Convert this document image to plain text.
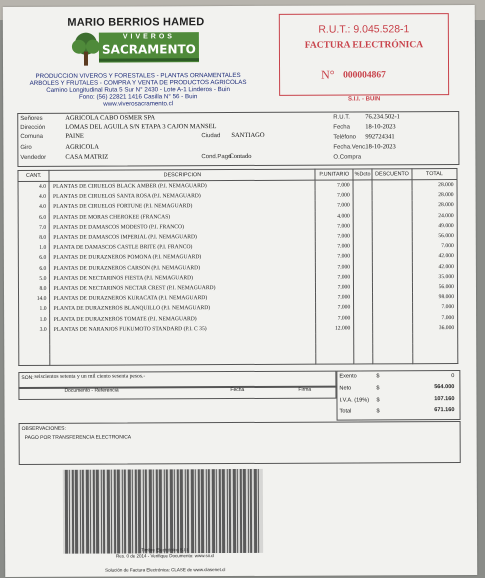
MARIO BERRIOS HAMED
VIVEROS
SACRAMENTO
PRODUCCION VIVEROS Y FORESTALES - PLANTAS ORNAMENTALES
ARBOLES Y FRUTALES - COMPRA Y VENTA DE PRODUCTOS AGRICOLAS
Camino Longitudinal Ruta 5 Sur N° 2430 - Lote A-1 Linderos - Buin
Fono: (56) 22821 1416 Casilla N° 56 - Buin
www.viverosacramento.cl
R.U.T.: 9.045.528-1
FACTURA ELECTRÓNICA
N° 000004867
S.I.I. - BUIN
Señores	AGRICOLA CABO OSMER SPA
Dirección	LOMAS DEL AGUILA S/N ETAPA 3 CAJON MANSEL
Comuna	PAINE	Ciudad SANTIAGO
Giro	AGRICOLA
Vendedor	CASA MATRIZ	Cond.Pago
Contado
R.U.T. 76.234.502-1
Fecha 18-10-2023
Teléfono 992724341
Fecha.Venc.
18-10-2023
O.Compra
CANT.	DESCRIPCION	P.UNITARIO	%Dcto	DESCUENTO	TOTAL
4.0	PLANTAS DE CIRUELOS BLACK AMBER (P.I. NEMAGUARD)	7.000			28.000
4.0	PLANTAS DE CIRUELOS SANTA ROSA (P.I. NEMAGUARD)	7.000			28.000
4.0	PLANTAS DE CIRUELOS FORTUNE (P.I. NEMAGUARD)	7.000			28.000
6.0	PLANTAS DE MORAS CHEROKEE (FRANCAS)	4.000			24.000
7.0	PLANTAS DE DAMASCOS MODESTO (P.I. FRANCO)	7.000			49.000
8.0	PLANTAS DE DAMASCOS IMPERIAL (P.I. NEMAGUARD)	7.000			56.000
1.0	PLANTA DE DAMASCOS CASTLE BRITE (P.I. FRANCO)	7.000			7.000
6.0	PLANTAS DE DURAZNEROS POMONA (P.I. NEMAGUARD)	7.000			42.000
6.0	PLANTAS DE DURAZNEROS CARSON (P.I. NEMAGUARD)	7.000			42.000
5.0	PLANTAS DE NECTARINOS FIESTA (P.I. NEMAGUARD)	7.000			35.000
8.0	PLANTAS DE NECTARINOS NECTAR CREST (P.I. NEMAGUARD)	7.000			56.000
14.0	PLANTAS DE DURAZNEROS KURACATA (P.I. NEMAGUARD)	7.000			98.000
1.0	PLANTA DE DURAZNEROS BLANQUILLO (P.I. NEMAGUARD)	7.000			7.000
1.0	PLANTA DE DURAZNEROS TOMATE (P.I. NEMAGUARD)	7.000			7.000
3.0	PLANTAS DE NARANJOS FUKUMOTO STANDARD (P.I. C 35)	12.000			36.000

SON: seiscientos setenta y un mil ciento sesenta pesos.-
Documento - Referencia	Fecha	Firma
Exento	$	0
Neto	$	564.000
I.V.A. (19%) $	107.160
Total	$	671.160
OBSERVACIONES:
PAGO POR TRANSFERENCIA ELECTRONICA
Timbre Electrónico S.I.I.
Res. 0 de 2014 - Verifique Documento: www.sii.cl
Solución de Factura Electrónica: CLASE de www.clasenet.cl
